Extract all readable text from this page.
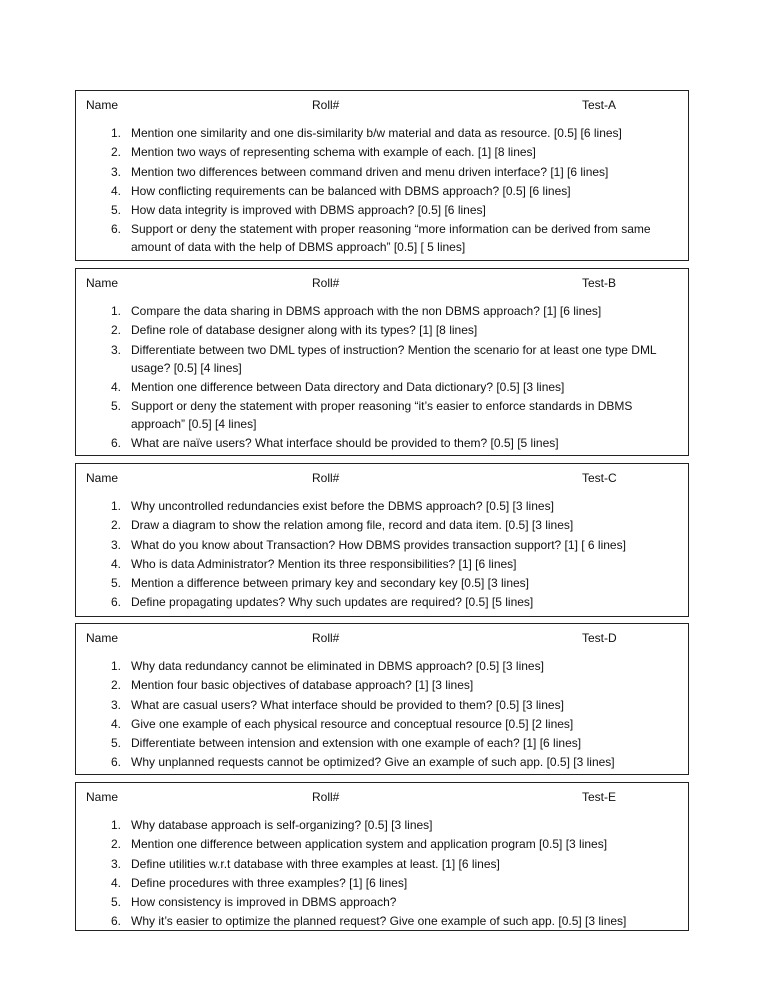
Name	Roll#	Test-A
1. Mention one similarity and one dis-similarity b/w material and data as resource. [0.5] [6 lines]
2. Mention two ways of representing schema with example of each. [1] [8 lines]
3. Mention two differences between command driven and menu driven interface? [1] [6 lines]
4. How conflicting requirements can be balanced with DBMS approach? [0.5] [6 lines]
5. How data integrity is improved with DBMS approach? [0.5] [6 lines]
6. Support or deny the statement with proper reasoning “more information can be derived from same amount of data with the help of DBMS approach” [0.5] [ 5 lines]
Name	Roll#	Test-B
1. Compare the data sharing in DBMS approach with the non DBMS approach? [1] [6 lines]
2. Define role of database designer along with its types? [1] [8 lines]
3. Differentiate between two DML types of instruction? Mention the scenario for at least one type DML usage? [0.5] [4 lines]
4. Mention one difference between Data directory and Data dictionary? [0.5] [3 lines]
5. Support or deny the statement with proper reasoning “it’s easier to enforce standards in DBMS approach” [0.5] [4 lines]
6. What are naïve users? What interface should be provided to them? [0.5] [5 lines]
Name	Roll#	Test-C
1. Why uncontrolled redundancies exist before the DBMS approach? [0.5] [3 lines]
2. Draw a diagram to show the relation among file, record and data item. [0.5] [3 lines]
3. What do you know about Transaction? How DBMS provides transaction support? [1] [ 6 lines]
4. Who is data Administrator? Mention its three responsibilities? [1] [6 lines]
5. Mention a difference between primary key and secondary key [0.5] [3 lines]
6. Define propagating updates? Why such updates are required? [0.5] [5 lines]
Name	Roll#	Test-D
1. Why data redundancy cannot be eliminated in DBMS approach? [0.5] [3 lines]
2. Mention four basic objectives of database approach? [1] [3 lines]
3. What are casual users? What interface should be provided to them? [0.5] [3 lines]
4. Give one example of each physical resource and conceptual resource [0.5] [2 lines]
5. Differentiate between intension and extension with one example of each? [1] [6 lines]
6. Why unplanned requests cannot be optimized? Give an example of such app. [0.5] [3 lines]
Name	Roll#	Test-E
1. Why database approach is self-organizing? [0.5] [3 lines]
2. Mention one difference between application system and application program [0.5] [3 lines]
3. Define utilities w.r.t database with three examples at least. [1] [6 lines]
4. Define procedures with three examples? [1] [6 lines]
5. How consistency is improved in DBMS approach?
6. Why it’s easier to optimize the planned request? Give one example of such app. [0.5] [3 lines]
